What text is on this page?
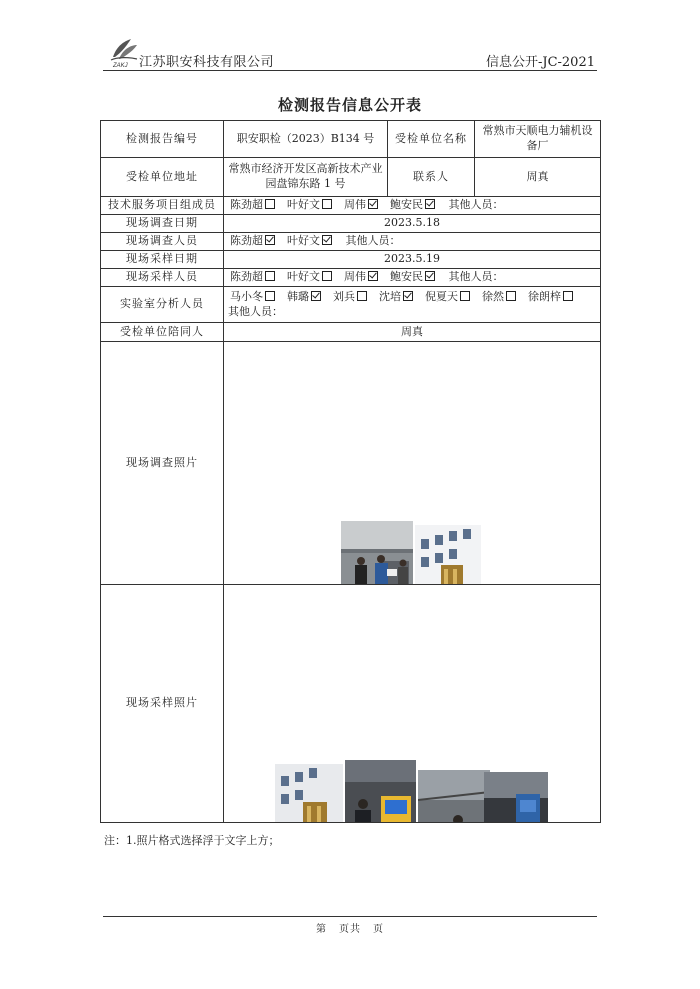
ZAKJ 江苏职安科技有限公司	信息公开-JC-2021
检测报告信息公开表
检测报告编号	职安职检（2023）B134 号	受检单位名称	常熟市天顺电力辅机设备厂
受检单位地址	常熟市经济开发区高新技术产业园盘锦东路 1 号	联系人	周真
技术服务项目组成员	陈劲超 叶好文 周伟 鲍安民 其他人员：		
现场调查日期	2023.5.18		
现场调查人员	陈劲超 叶好文 其他人员：		
现场采样日期	2023.5.19		
现场采样人员	陈劲超 叶好文 周伟 鲍安民 其他人员：		
实验室分析人员	马小冬 韩璐 刘兵 沈培 倪夏天 徐然 徐朗梓
其他人员：		
受检单位陪同人	周真		
现场调查照片	

现场采样照片	
注：1.照片格式选择浮于文字上方；
第 页共 页
